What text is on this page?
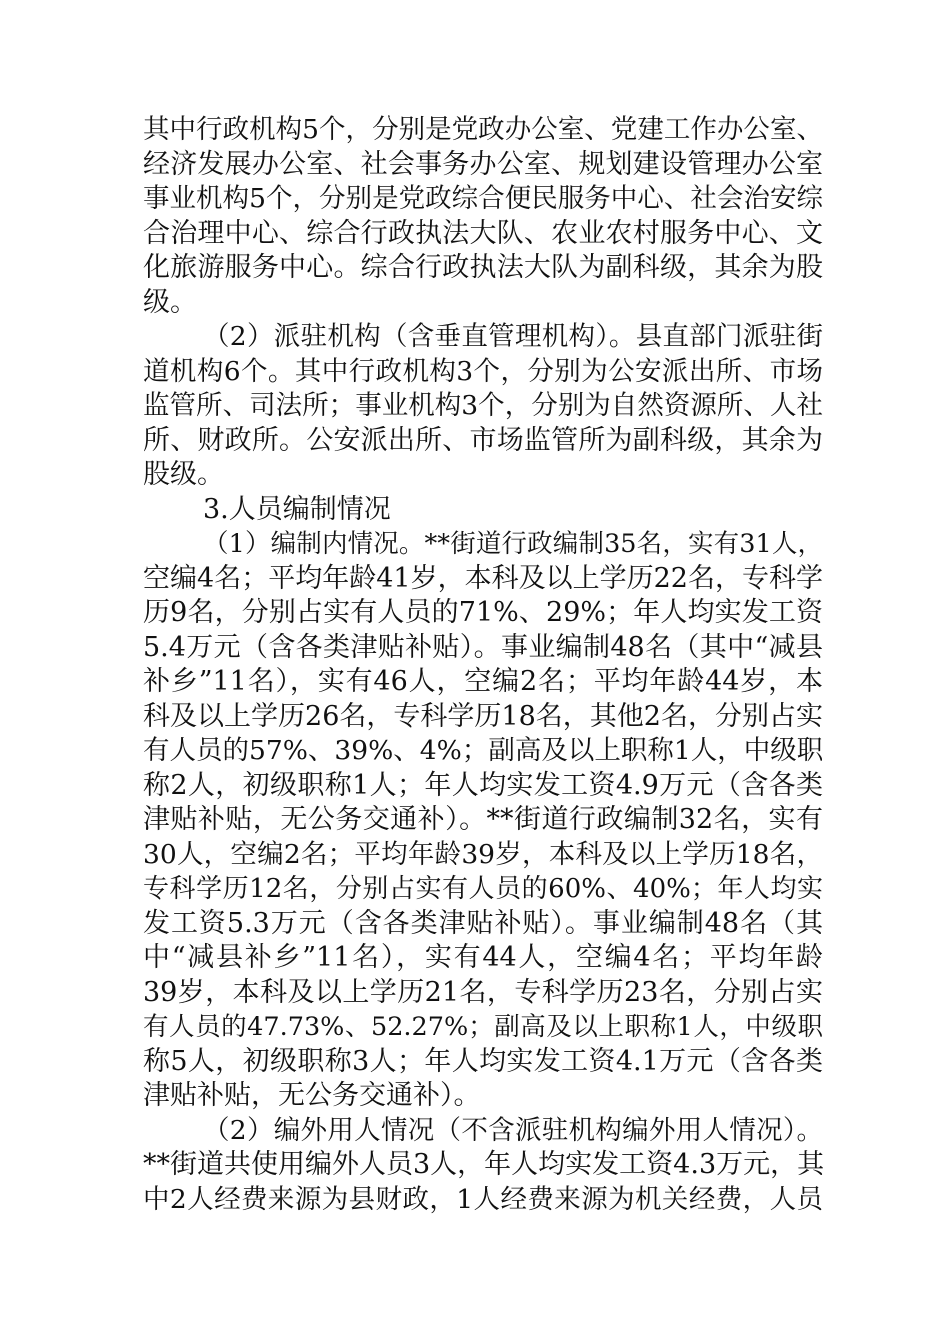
其中行政机构5个，分别是党政办公室、党建工作办公室、
经济发展办公室、社会事务办公室、规划建设管理办公室
事业机构5个，分别是党政综合便民服务中心、社会治安综
合治理中心、综合行政执法大队、农业农村服务中心、文
化旅游服务中心。综合行政执法大队为副科级，其余为股
级。
（2）派驻机构（含垂直管理机构）。县直部门派驻街
道机构6个。其中行政机构3个，分别为公安派出所、市场
监管所、司法所；事业机构3个，分别为自然资源所、人社
所、财政所。公安派出所、市场监管所为副科级，其余为
股级。
3.人员编制情况
（1）编制内情况。**街道行政编制35名，实有31人，
空编4名；平均年龄41岁，本科及以上学历22名，专科学
历9名，分别占实有人员的71%、29%；年人均实发工资
5.4万元（含各类津贴补贴）。事业编制48名（其中“减县
补乡”11名），实有46人，空编2名；平均年龄44岁，本
科及以上学历26名，专科学历18名，其他2名，分别占实
有人员的57%、39%、4%；副高及以上职称1人，中级职
称2人，初级职称1人；年人均实发工资4.9万元（含各类
津贴补贴，无公务交通补）。**街道行政编制32名，实有
30人，空编2名；平均年龄39岁，本科及以上学历18名，
专科学历12名，分别占实有人员的60%、40%；年人均实
发工资5.3万元（含各类津贴补贴）。事业编制48名（其
中“减县补乡”11名），实有44人，空编4名；平均年龄
39岁，本科及以上学历21名，专科学历23名，分别占实
有人员的47.73%、52.27%；副高及以上职称1人，中级职
称5人，初级职称3人；年人均实发工资4.1万元（含各类
津贴补贴，无公务交通补）。
（2）编外用人情况（不含派驻机构编外用人情况）。
**街道共使用编外人员3人，年人均实发工资4.3万元，其
中2人经费来源为县财政，1人经费来源为机关经费，人员
